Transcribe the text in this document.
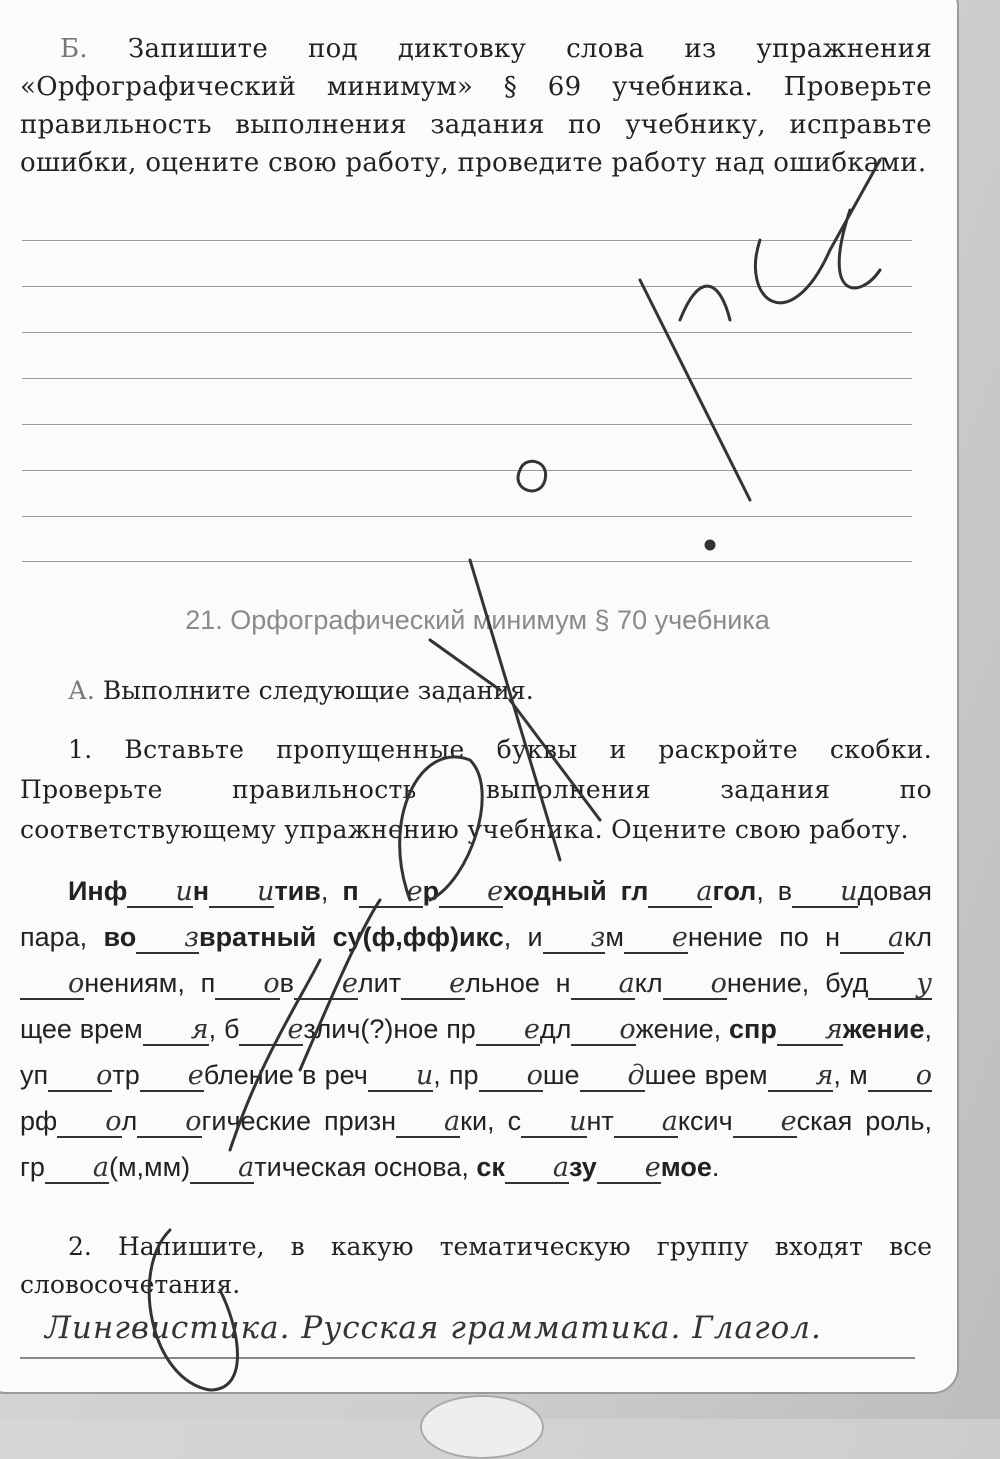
Б. Запишите под диктовку слова из упражнения «Орфографический минимум» § 69 учебника. Проверьте правильность выполнения задания по учебнику, исправьте ошибки, оцените свою работу, проведите работу над ошибками.
21. Орфографический минимум § 70 учебника
А. Выполните следующие задания.
1. Вставьте пропущенные буквы и раскройте скобки. Проверьте правильность выполнения задания по соответствующему упражнению учебника. Оцените свою работу.
Инф ин итив, п ер еходный гл агол, в идовая пара, во звратный су(ф,фф)икс, и зм енение по н аклонениям, п ов елит ельное н акл онение, буд ущее врем я, б езлич(?)ное пр едл ожение, спр яжение, уп отр ебление в реч и, пр оше дшее врем я, м орф ол огические призн аки, с инт аксич еская роль, гр а(м,мм) атическая основа, ск азу емое.
2. Напишите, в какую тематическую группу входят все словосочетания.
Лингвистика. Русская грамматика. Глагол.
